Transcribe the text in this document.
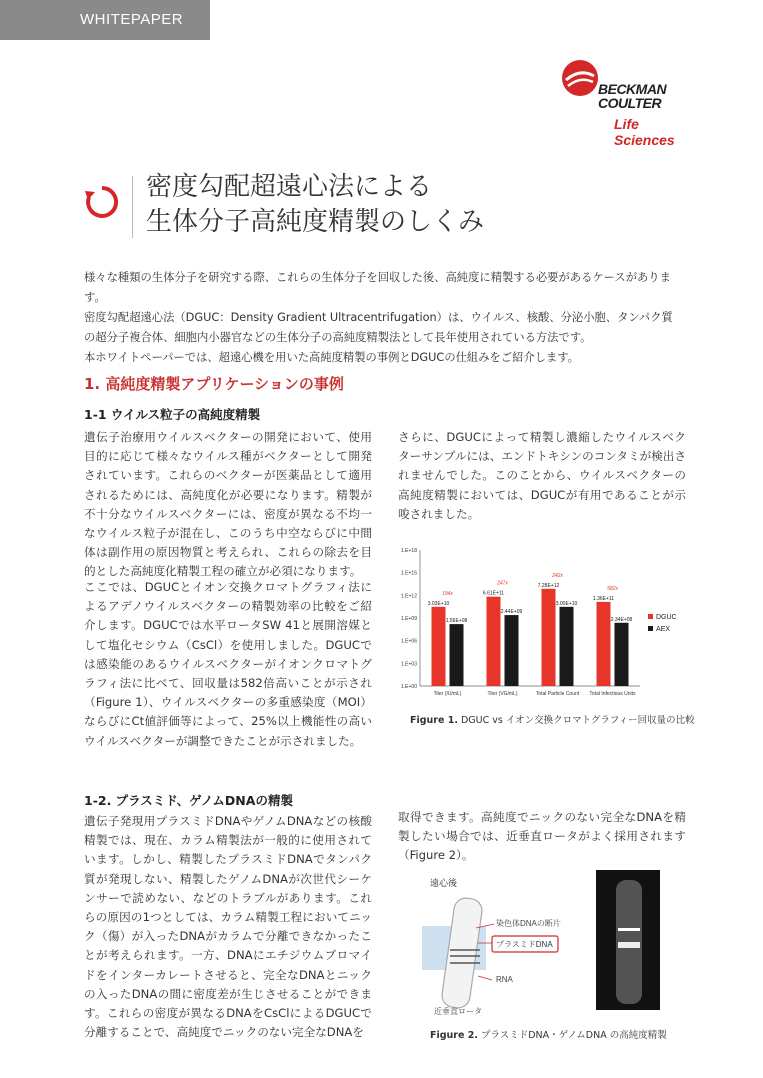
WHITEPAPER
BECKMAN
COULTER
Life Sciences
密度勾配超遠心法による
生体分子高純度精製のしくみ
様々な種類の生体分子を研究する際、これらの生体分子を回収した後、高純度に精製する必要があるケースがあります。
密度勾配超遠心法（DGUC：Density Gradient Ultracentrifugation）は、ウイルス、核酸、分泌小胞、タンパク質の超分子複合体、細胞内小器官などの生体分子の高純度精製法として長年使用されている方法です。
本ホワイトペーパーでは、超遠心機を用いた高純度精製の事例とDGUCの仕組みをご紹介します。
1. 高純度精製アプリケーションの事例
1-1 ウイルス粒子の高純度精製
遺伝子治療用ウイルスベクターの開発において、使用目的に応じて様々なウイルス種がベクターとして開発されています。これらのベクターが医薬品として適用されるためには、高純度化が必要になります。精製が不十分なウイルスベクターには、密度が異なる不均一なウイルス粒子が混在し、このうち中空ならびに中間体は副作用の原因物質と考えられ、これらの除去を目的とした高純度化精製工程の確立が必須になります。
ここでは、DGUCとイオン交換クロマトグラフィ法によるアデノウイルスベクターの精製効率の比較をご紹介します。DGUCでは水平ロータSW 41と展開溶媒として塩化セシウム（CsCl）を使用しました。DGUCでは感染能のあるウイルスベクターがイオンクロマトグラフィ法に比べて、回収量は582倍高いことが示され（Figure 1）、ウイルスベクターの多重感染度（MOI）ならびにCt値評価等によって、25%以上機能性の高いウイルスベクターが調整できたことが示されました。
さらに、DGUCによって精製し濃縮したウイルスベクターサンプルには、エンドトキシンのコンタミが検出されませんでした。このことから、ウイルスベクターの高純度精製においては、DGUCが有用であることが示唆されました。
1.E+18
1.E+15
1.E+12
1.E+09
1.E+06
1.E+03
1.E+00
3.03E+10
1.56E+08
194x
Titer (IU/mL)
6.61E+11
2.44E+09
247x
Titer (VG/mL)
7.28E+12
3.00E+10
242x
Total Particle Count
1.36E+11
2.34E+08
582x
Total Infectious Units
DGUC
AEX
Figure 1. DGUC vs イオン交換クロマトグラフィー回収量の比較
1-2. プラスミド、ゲノムDNAの精製
遺伝子発現用プラスミドDNAやゲノムDNAなどの核酸精製では、現在、カラム精製法が一般的に使用されています。しかし、精製したプラスミドDNAでタンパク質が発現しない、精製したゲノムDNAが次世代シーケンサーで読めない、などのトラブルがあります。これらの原因の1つとしては、カラム精製工程においてニック（傷）が入ったDNAがカラムで分離できなかったことが考えられます。一方、DNAにエチジウムブロマイドをインターカレートさせると、完全なDNAとニックの入ったDNAの間に密度差が生じさせることができます。これらの密度が異なるDNAをCsClによるDGUCで分離することで、高純度でニックのない完全なDNAを
取得できます。高純度でニックのない完全なDNAを精製したい場合では、近垂直ロータがよく採用されます（Figure 2）。
遠心後
染色体DNAの断片
プラスミドDNA
RNA
近垂直ロータ
Figure 2. プラスミドDNA・ゲノムDNA の高純度精製
